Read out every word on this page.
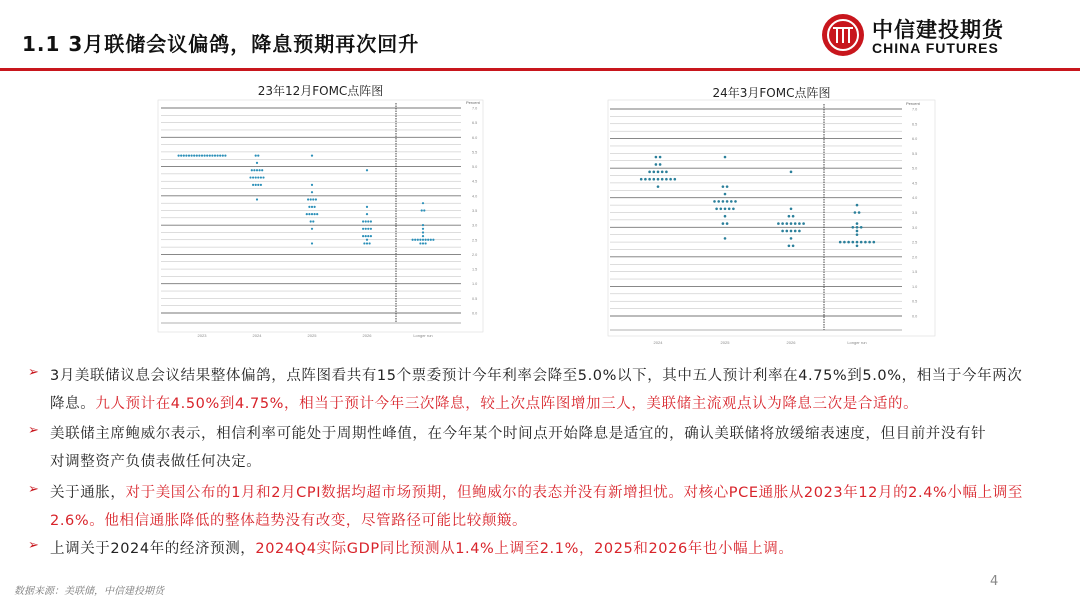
1.1 3月联储会议偏鸽，降息预期再次回升
中信建投期货
CHINA FUTURES
23年12月FOMC点阵图	24年3月FOMC点阵图
Percent
7.0
6.5
6.0
5.5
5.0
4.5
4.0
3.5
3.0
2.5
2.0
1.5
1.0
0.5
0.0
2023	2024	2025	2026	Longer run
Percent
7.0
6.5
6.0
5.5
5.0
4.5
4.0
3.5
3.0
2.5
2.0
1.5
1.0
0.5
0.0
2024	2025	2026	Longer run
➢ 3月美联储议息会议结果整体偏鸽，点阵图看共有15个票委预计今年利率会降至5.0%以下，其中五人预计利率在4.75%到5.0%，相当于今年两次
降息。九人预计在4.50%到4.75%，相当于预计今年三次降息，较上次点阵图增加三人，美联储主流观点认为降息三次是合适的。
➢ 美联储主席鲍威尔表示，相信利率可能处于周期性峰值，在今年某个时间点开始降息是适宜的，确认美联储将放缓缩表速度，但目前并没有针
对调整资产负债表做任何决定。
➢ 关于通胀，对于美国公布的1月和2月CPI数据均超市场预期，但鲍威尔的表态并没有新增担忧。对核心PCE通胀从2023年12月的2.4%小幅上调至
2.6%。他相信通胀降低的整体趋势没有改变，尽管路径可能比较颠簸。
➢ 上调关于2024年的经济预测，2024Q4实际GDP同比预测从1.4%上调至2.1%，2025和2026年也小幅上调。
数据来源：美联储，中信建投期货
4
